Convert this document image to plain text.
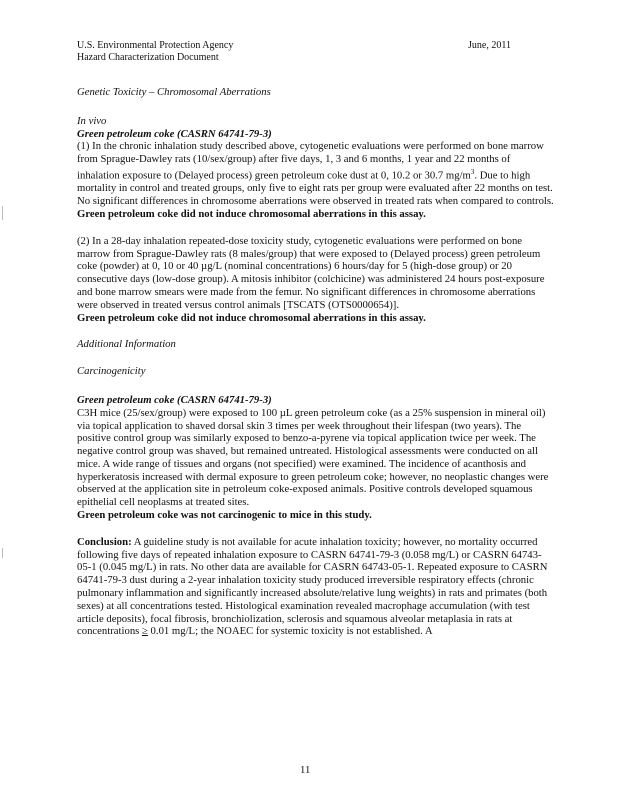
U.S. Environmental Protection Agency
Hazard Characterization Document
June, 2011

Genetic Toxicity – Chromosomal Aberrations

In vivo

Green petroleum coke (CASRN 64741-79-3)

(1) In the chronic inhalation study described above, cytogenetic evaluations were performed on bone marrow from Sprague-Dawley rats (10/sex/group) after five days, 1, 3 and 6 months, 1 year and 22 months of inhalation exposure to (Delayed process) green petroleum coke dust at 0, 10.2 or 30.7 $mg/m^3$. Due to high mortality in control and treated groups, only five to eight rats per group were evaluated after 22 months on test. No significant differences in chromosome aberrations were observed in treated rats when compared to controls.

Green petroleum coke did not induce chromosomal aberrations in this assay.

(2) In a 28-day inhalation repeated-dose toxicity study, cytogenetic evaluations were performed on bone marrow from Sprague-Dawley rats (8 males/group) that were exposed to (Delayed process) green petroleum coke (powder) at 0, 10 or 40 µg/L (nominal concentrations) 6 hours/day for 5 (high-dose group) or 20 consecutive days (low-dose group). A mitosis inhibitor (colchicine) was administered 24 hours post-exposure and bone marrow smears were made from the femur. No significant differences in chromosome aberrations were observed in treated versus control animals [TSCATS (OTS0000654)].

Green petroleum coke did not induce chromosomal aberrations in this assay.

Additional Information

Carcinogenicity

Green petroleum coke (CASRN 64741-79-3)

C3H mice (25/sex/group) were exposed to 100 µL green petroleum coke (as a 25% suspension in mineral oil) via topical application to shaved dorsal skin 3 times per week throughout their lifespan (two years). The positive control group was similarly exposed to benzo-a-pyrene via topical application twice per week. The negative control group was shaved, but remained untreated. Histological assessments were conducted on all mice. A wide range of tissues and organs (not specified) were examined. The incidence of acanthosis and hyperkeratosis increased with dermal exposure to green petroleum coke; however, no neoplastic changes were observed at the application site in petroleum coke-exposed animals. Positive controls developed squamous epithelial cell neoplasms at treated sites.

Green petroleum coke was not carcinogenic to mice in this study.

Conclusion: A guideline study is not available for acute inhalation toxicity; however, no mortality occurred following five days of repeated inhalation exposure to CASRN 64741-79-3 (0.058 mg/L) or CASRN 64743-05-1 (0.045 mg/L) in rats. No other data are available for CASRN 64743-05-1. Repeated exposure to CASRN 64741-79-3 dust during a 2-year inhalation toxicity study produced irreversible respiratory effects (chronic pulmonary inflammation and significantly increased absolute/relative lung weights) in rats and primates (both sexes) at all concentrations tested. Histological examination revealed macrophage accumulation (with test article deposits), focal fibrosis, bronchiolization, sclerosis and squamous alveolar metaplasia in rats at concentrations ≥ 0.01 mg/L; the NOAEC for systemic toxicity is not established. A

11
